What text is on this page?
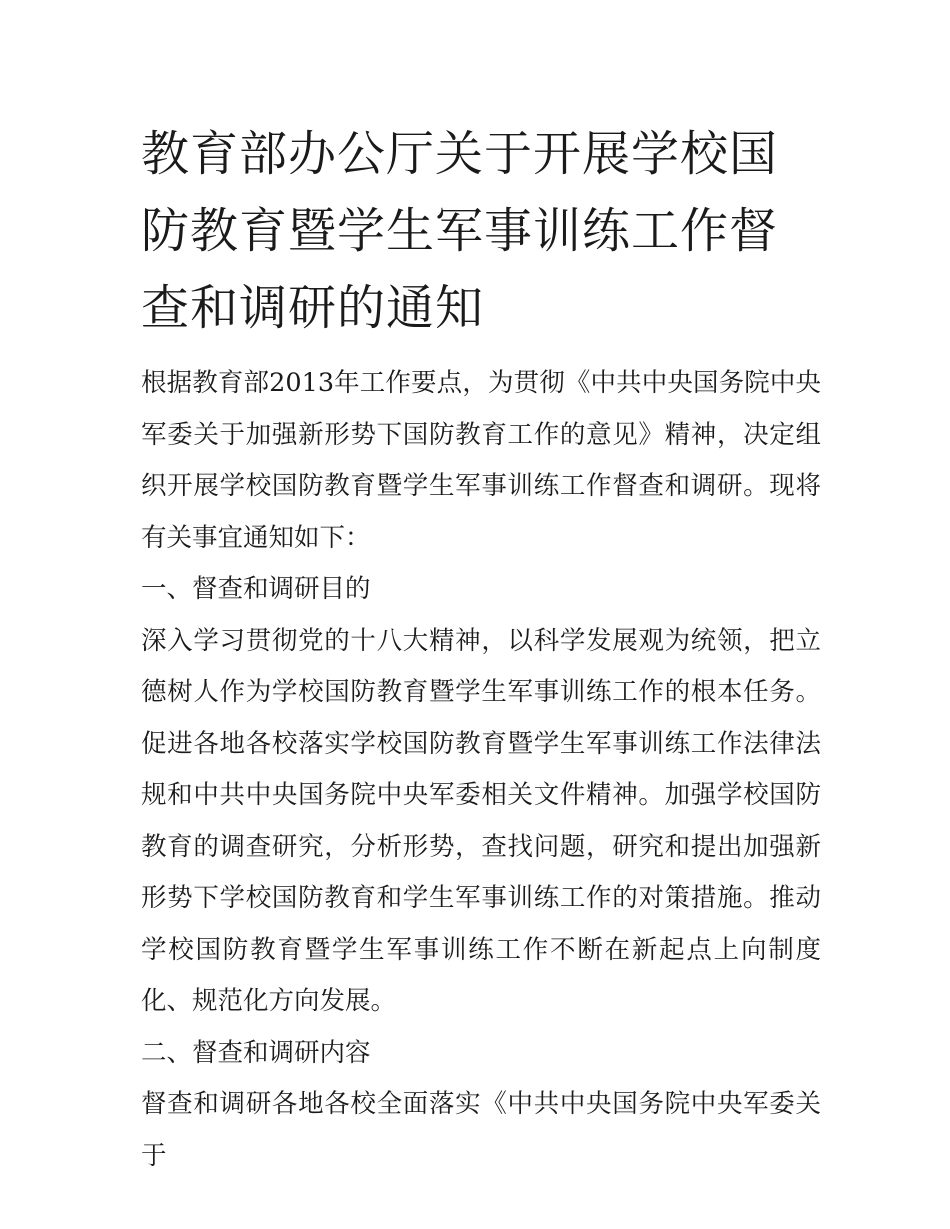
教育部办公厅关于开展学校国防教育暨学生军事训练工作督查和调研的通知

根据教育部2013年工作要点，为贯彻《中共中央国务院中央军委关于加强新形势下国防教育工作的意见》精神，决定组织开展学校国防教育暨学生军事训练工作督查和调研。现将有关事宜通知如下：

一、督查和调研目的

深入学习贯彻党的十八大精神，以科学发展观为统领，把立德树人作为学校国防教育暨学生军事训练工作的根本任务。促进各地各校落实学校国防教育暨学生军事训练工作法律法规和中共中央国务院中央军委相关文件精神。加强学校国防教育的调查研究，分析形势，查找问题，研究和提出加强新形势下学校国防教育和学生军事训练工作的对策措施。推动学校国防教育暨学生军事训练工作不断在新起点上向制度化、规范化方向发展。

二、督查和调研内容

督查和调研各地各校全面落实《中共中央国务院中央军委关于
